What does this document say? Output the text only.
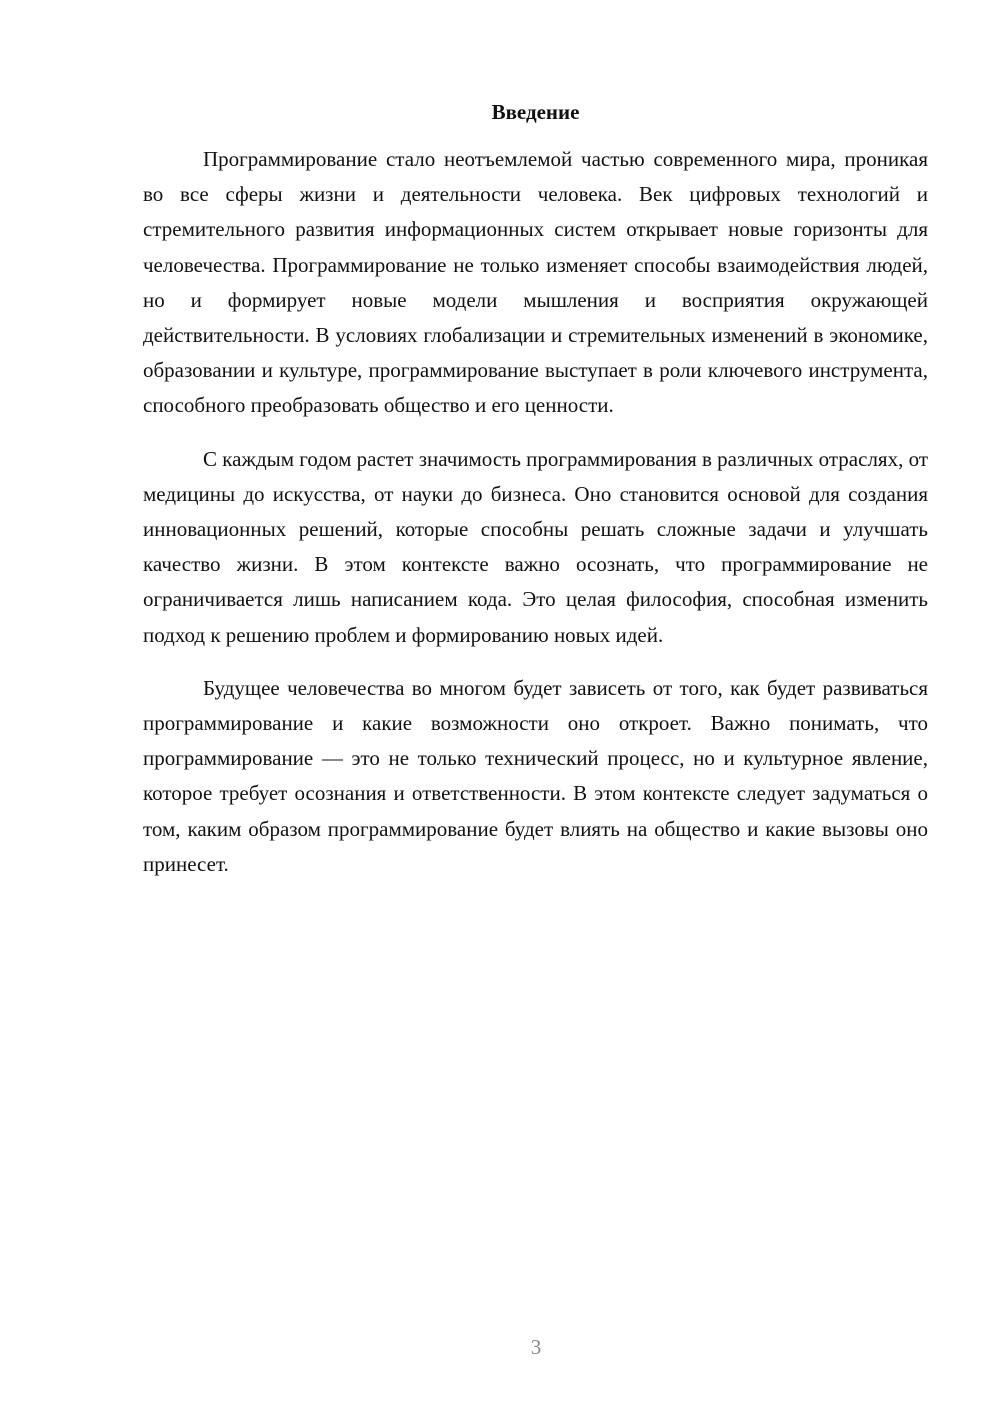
Введение

Программирование стало неотъемлемой частью современного мира, проникая во все сферы жизни и деятельности человека. Век цифровых технологий и стремительного развития информационных систем открывает новые горизонты для человечества. Программирование не только изменяет способы взаимодействия людей, но и формирует новые модели мышления и восприятия окружающей действительности. В условиях глобализации и стремительных изменений в экономике, образовании и культуре, программирование выступает в роли ключевого инструмента, способного преобразовать общество и его ценности.

С каждым годом растет значимость программирования в различных отраслях, от медицины до искусства, от науки до бизнеса. Оно становится основой для создания инновационных решений, которые способны решать сложные задачи и улучшать качество жизни. В этом контексте важно осознать, что программирование не ограничивается лишь написанием кода. Это целая философия, способная изменить подход к решению проблем и формированию новых идей.

Будущее человечества во многом будет зависеть от того, как будет развиваться программирование и какие возможности оно откроет. Важно понимать, что программирование — это не только технический процесс, но и культурное явление, которое требует осознания и ответственности. В этом контексте следует задуматься о том, каким образом программирование будет влиять на общество и какие вызовы оно принесет.

3
